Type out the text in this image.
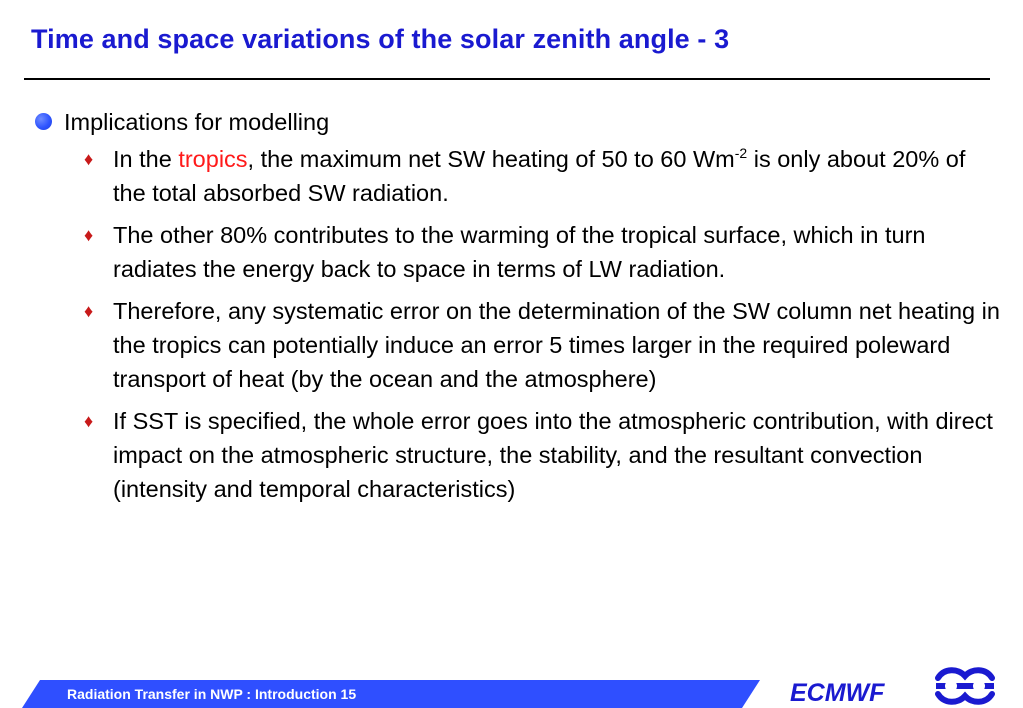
Time and space variations of the solar zenith angle - 3
Implications for modelling
♦ In the tropics, the maximum net SW heating of 50 to 60 $Wm^{-2}$ is only about 20% of the total absorbed SW radiation.
♦ The other 80% contributes to the warming of the tropical surface, which in turn radiates the energy back to space in terms of LW radiation.
♦ Therefore, any systematic error on the determination of the SW column net heating in the tropics can potentially induce an error 5 times larger in the required poleward transport of heat (by the ocean and the atmosphere)
♦ If SST is specified, the whole error goes into the atmospheric contribution, with direct impact on the atmospheric structure, the stability, and the resultant convection (intensity and temporal characteristics)
Radiation Transfer in NWP : Introduction 15	ECMWF
